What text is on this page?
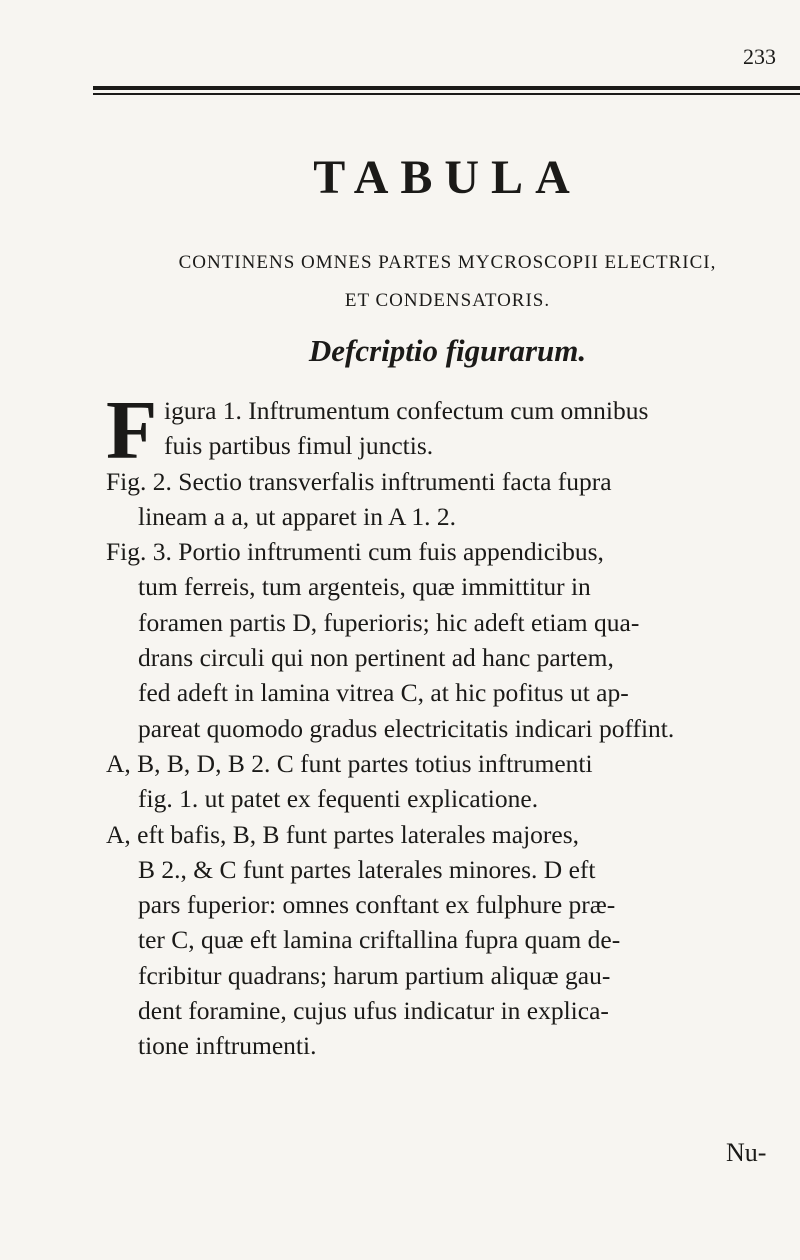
233
TABULA
CONTINENS OMNES PARTES MYCROSCOPII ELECTRICI,
ET CONDENSATORIS.
Defcriptio figurarum.
F igura 1. Inftrumentum confectum cum omnibus
fuis partibus fimul junctis.
Fig. 2. Sectio transverfalis inftrumenti facta fupra
lineam a a, ut apparet in A 1. 2.
Fig. 3. Portio inftrumenti cum fuis appendicibus,
tum ferreis, tum argenteis, quæ immittitur in
foramen partis D, fuperioris; hic adeft etiam qua-
drans circuli qui non pertinent ad hanc partem,
fed adeft in lamina vitrea C, at hic pofitus ut ap-
pareat quomodo gradus electricitatis indicari poffint.
A, B, B, D, B 2. C funt partes totius inftrumenti
fig. 1. ut patet ex fequenti explicatione.
A, eft bafis, B, B funt partes laterales majores,
B 2., & C funt partes laterales minores. D eft
pars fuperior: omnes conftant ex fulphure præ-
ter C, quæ eft lamina criftallina fupra quam de-
fcribitur quadrans; harum partium aliquæ gau-
dent foramine, cujus ufus indicatur in explica-
tione inftrumenti.
Nu-
